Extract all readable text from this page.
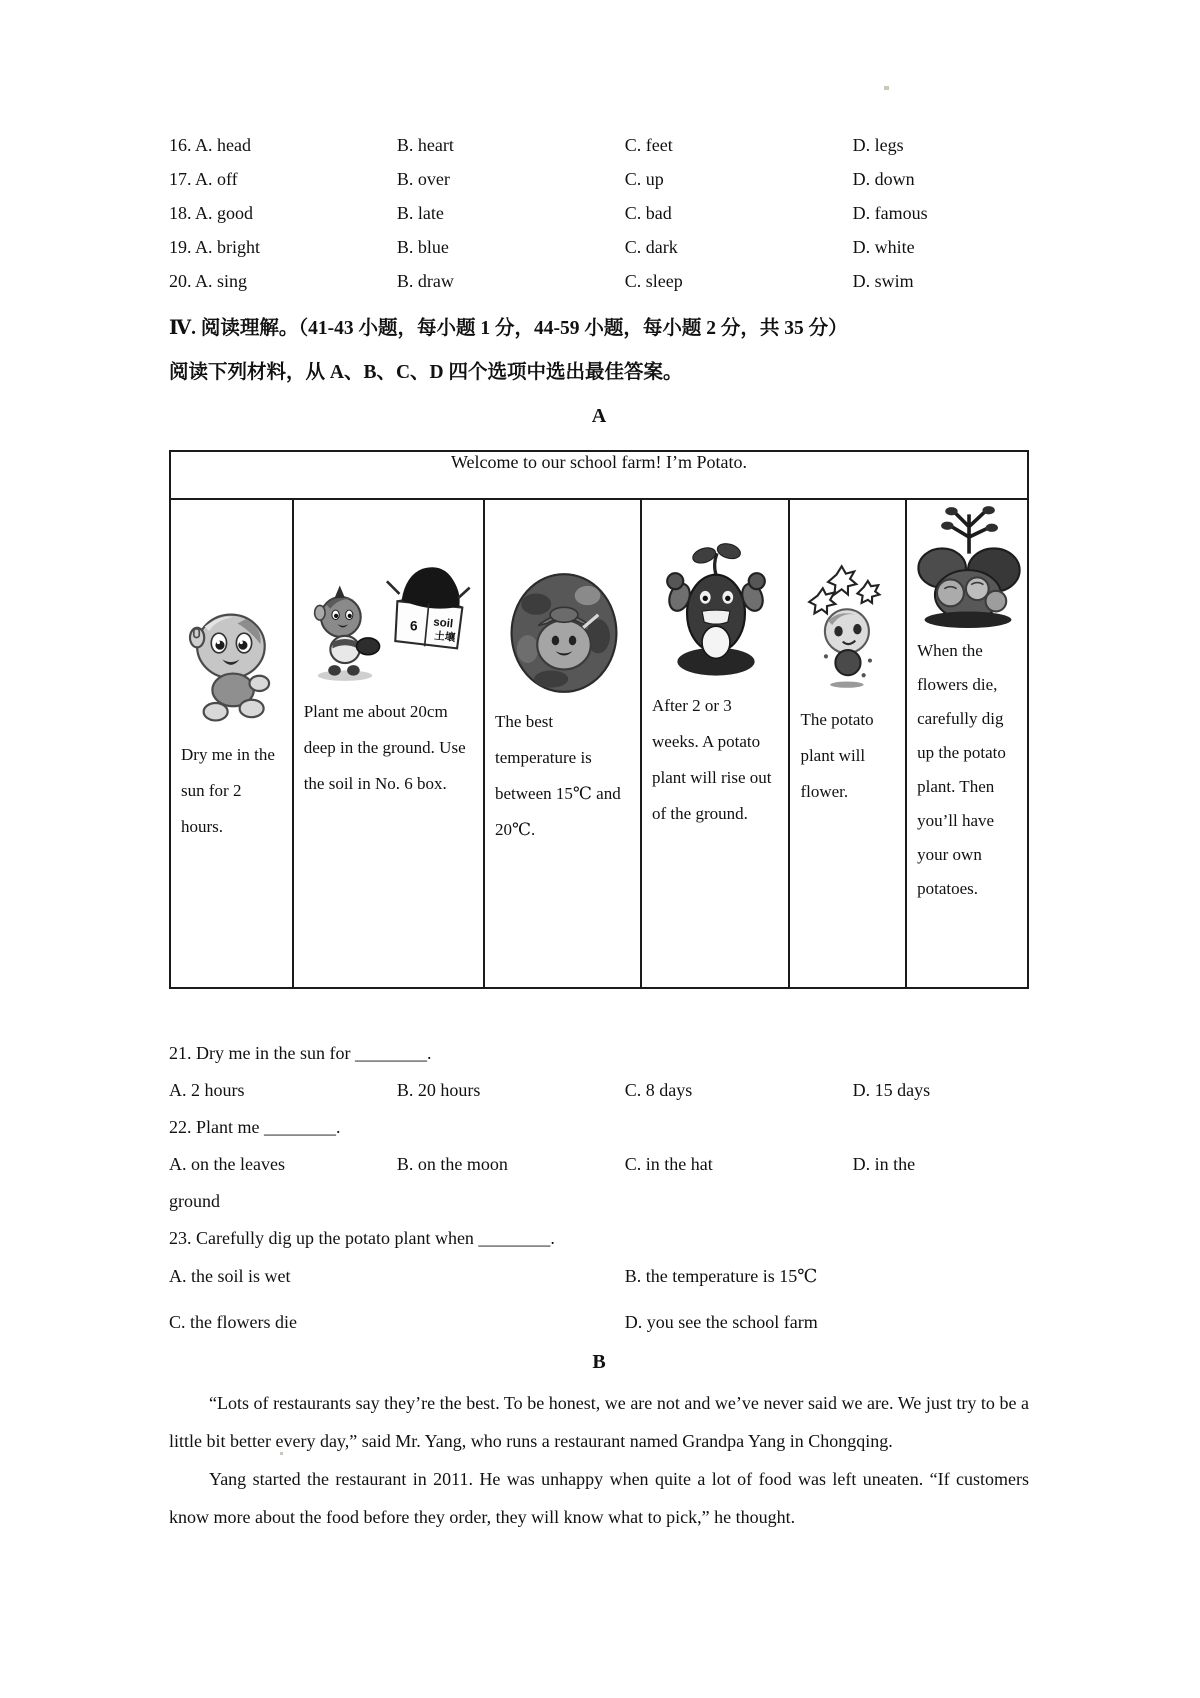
16. A. head	B. heart	C. feet	D. legs
17. A. off	B. over	C. up	D. down
18. A. good	B. late	C. bad	D. famous
19. A. bright	B. blue	C. dark	D. white
20. A. sing	B. draw	C. sleep	D. swim
Ⅳ. 阅读理解。（41-43 小题，每小题 1 分，44-59 小题，每小题 2 分，共 35 分）
阅读下列材料，从 A、B、C、D 四个选项中选出最佳答案。
A
Welcome to our school farm! I’m Potato.

Dry me in the sun for 2 hours.

6 soil
土壤
Plant me about 20cm deep in the ground. Use the soil in No. 6 box.

The best temperature is between 15℃ and 20℃.

After 2 or 3 weeks. A potato plant will rise out of the ground.

The potato plant will flower.

When the flowers die, carefully dig up the potato plant. Then you’ll have your own potatoes.
21. Dry me in the sun for ________.
A. 2 hours	B. 20 hours	C. 8 days	D. 15 days
22. Plant me ________.
A. on the leaves	B. on the moon	C. in the hat	D. in the
ground
23. Carefully dig up the potato plant when ________.
A. the soil is wet	B. the temperature is 15℃
C. the flowers die	D. you see the school farm
B

“Lots of restaurants say they’re the best. To be honest, we are not and we’ve never said we are. We just try to be a little bit better every day,” said Mr. Yang, who runs a restaurant named Grandpa Yang in Chongqing.

Yang started the restaurant in 2011. He was unhappy when quite a lot of food was left uneaten. “If customers know more about the food before they order, they will know what to pick,” he thought.
